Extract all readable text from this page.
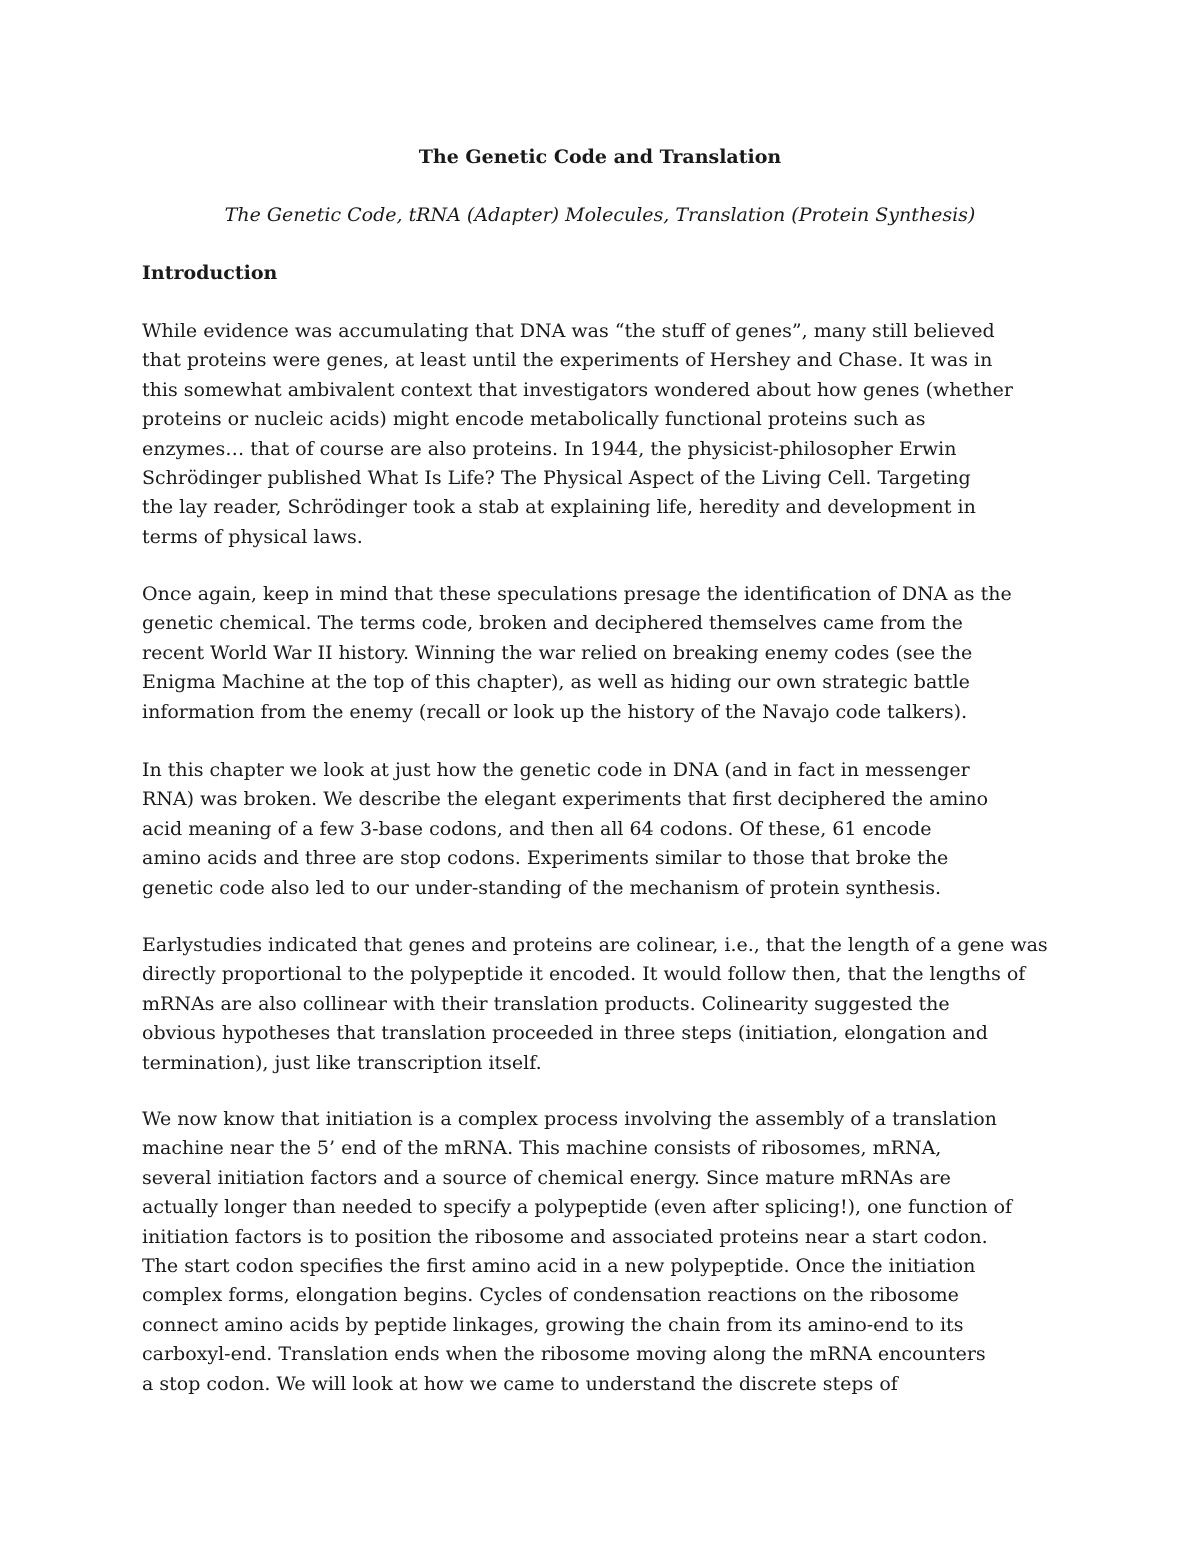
The Genetic Code and Translation
The Genetic Code, tRNA (Adapter) Molecules, Translation (Protein Synthesis)
Introduction
While evidence was accumulating that DNA was “the stuff of genes”, many still believed
that proteins were genes, at least until the experiments of Hershey and Chase. It was in
this somewhat ambivalent context that investigators wondered about how genes (whether
proteins or nucleic acids) might encode metabolically functional proteins such as
enzymes… that of course are also proteins. In 1944, the physicist-philosopher Erwin
Schrödinger published What Is Life? The Physical Aspect of the Living Cell. Targeting
the lay reader, Schrödinger took a stab at explaining life, heredity and development in
terms of physical laws.
Once again, keep in mind that these speculations presage the identification of DNA as the
genetic chemical. The terms code, broken and deciphered themselves came from the
recent World War II history. Winning the war relied on breaking enemy codes (see the
Enigma Machine at the top of this chapter), as well as hiding our own strategic battle
information from the enemy (recall or look up the history of the Navajo code talkers).
In this chapter we look at just how the genetic code in DNA (and in fact in messenger
RNA) was broken. We describe the elegant experiments that first deciphered the amino
acid meaning of a few 3-base codons, and then all 64 codons. Of these, 61 encode
amino acids and three are stop codons. Experiments similar to those that broke the
genetic code also led to our under-standing of the mechanism of protein synthesis.
Earlystudies indicated that genes and proteins are colinear, i.e., that the length of a gene was
directly proportional to the polypeptide it encoded. It would follow then, that the lengths of
mRNAs are also collinear with their translation products. Colinearity suggested the
obvious hypotheses that translation proceeded in three steps (initiation, elongation and
termination), just like transcription itself.
We now know that initiation is a complex process involving the assembly of a translation
machine near the 5’ end of the mRNA. This machine consists of ribosomes, mRNA,
several initiation factors and a source of chemical energy. Since mature mRNAs are
actually longer than needed to specify a polypeptide (even after splicing!), one function of
initiation factors is to position the ribosome and associated proteins near a start codon.
The start codon specifies the first amino acid in a new polypeptide. Once the initiation
complex forms, elongation begins. Cycles of condensation reactions on the ribosome
connect amino acids by peptide linkages, growing the chain from its amino-end to its
carboxyl-end. Translation ends when the ribosome moving along the mRNA encounters
a stop codon. We will look at how we came to understand the discrete steps of
